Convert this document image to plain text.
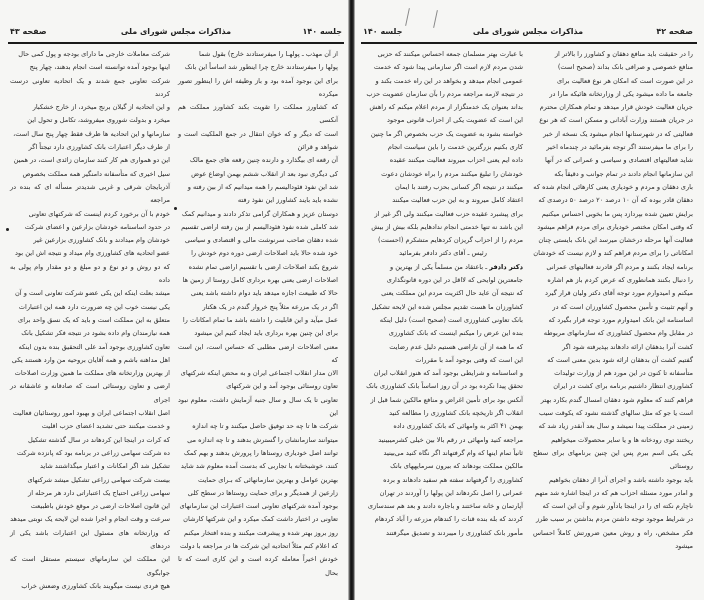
جلسه ۱۴۰
مذاکرات مجلس شورای ملی
صفحه ۴۳

از آن مهذب ـ پولهـا را میفرستادند خارج) بقول شما

پولها را میفرستادند خارج چرا اینطور شد اساساً این بانک

برای این بوجود آمده بود و باز وظیفه اش را اینطور تصور میکرده

که کشاورز مملکت را تقویت بکند کشاورز مملکت هم آنکسی

است که دیگر و که خوان انتقال در جمع الملکیت است و شواهد و قرائن

آن رقعه ای بیگذارد و دارنده چنین رقعه های جمع مالک

کی دیگری نبود بعد از انقلاب ششم بهمن اوضاع عوض

شد این نفوذ فئودالیسم را همه میدانیم که از بین رفته و

نشده باید بایند کشاورز این نفوذ رفته

دوستان عزیز و همکاران گرامی تذکر دادند و میدانیم کمک

شد کاملی شده نفوذ فئودالیسم از بین رفته اراضی تقسیم

شده دهقان صاحب سرنوشت مالی و اقتصادی و سیاسی

خود شده حالا باید اصلاحات ارضی دوره دوم خودش را

شروع بکند اصلاحات ارضی با تقسیم اراضی تمام نشده

اصلاحات ارضی یعنی بهره برداری کامل روستا از زمین ها

حالا که طبیعت اجازه میدهد باید دوام داشته باشد یعنی

اگر در یک مزرعه مثلاً پنج خروار گندم در یک هکتار

عمل میآید و این قابلیت را داشته باشد ما تمام امکانات را

برای این چنین بهره برداری باید ایجاد کنیم این میشود

معنی اصلاحات ارضی مطلبی که حساس است، این است که

الان مدار انقلاب اجتماعی ایران و به محض اینکه شرکتهای

تعاون روستائی بوجود آمد و این شرکتهای

تعاونی تا یک سال و سال جنبه آزمایش داشت، معلوم نبود این

شرکت ها تا چه حد توفیق حاصل میکنند و تا چه اندازه

میتوانند سازمانشان را گسترش بدهند و تا چه اندازه می

توانند اصل خودیاری روستاها را پرورش بدهند و بهم کمک

کنند، خوشبختانه با تجاربی که بدست آمده معلوم شد شاید

بهترین عوامل و بهترین سازمانهائی که بـرای حمایت

زارعین از همدیگر و برای حمایت روستاها در سطح کلی

بوجود آمده شرکتهای تعاونی است اعتبارات این سازمانهای

تعاونی در اختیار داشت کمک میکرد و این شرکتها کارشان

روز بروز بهتر شده و پیشرفت میکنند و بنده افتخار میکنم

که اعلام کنم مثلاً اتحادیه این شرکت ها در مراجعه با دولت

خودش اخیراً معامله کرده است و این کاری است که تا بحال

شرکت معاملات خارجی ما دارای بودجه و پول کمی حال

اینها بوجود آمده توانسته است انجام بدهند، چهار پنج

شرکت تعاونی جمع شدند و یک اتحادیه تعاونی درست کردند

و این اتحادیه از گیلان برنج میخرد، از خارج خشکبار

میخرد و بدولت شوروی میفروشد، تکامل و تحول این

سازمانها و این اتحادیه ها ظرف فقط چهار پنج سال است،

از طرف دیگر اعتبارات بانک کشاورزی دارد تیجتاً اگر

این دو همواری هم کار کنند سازمان زائدی است، در همین

سیل اخیری که متأسفانه دامنگیر همه مملکت بخصوص

آذربایجان شرقی و غربی شدیدتر مسأله ای که بنده در مراجعه

خودم با آن برخورد کردم اینست که شرکتهای تعاونی

در حدود اساسنامه خودشان بزارعین و اعضای شرکت

خودشان وام میدادند و بانک کشاورزی بزارعین غیر

عضو اتحادیه های کشاورزی وام میداد و نتیجه اش این بود

که دو روش و دو نوع و دو مبلغ و دو مقدار وام پولی به داده

میشد بعلت اینکه این یکی عضو شرکت تعاونی است و آن

یکی نیست خوب این چه ضرورت دارد همه این اعتبارات

متعلق به این مملکت است و باید که یک نسق واحد برای

همه نیازمندان وام داده بشود در نتیجه فکر تشکیل بانک

تعاون کشاورزی بوجود آمد علی التحقیق بنده بدون اینکه

اهل مداهنه باشم و همه آقایان بروحیه من وارد هستند یکی

از بهترین وزارتخانه های مملکت ما همین وزارت اصلاحات

ارضی و تعاون روستائی است که صادقانه و عاشقانه در اجرای

اصل انقلاب اجتماعی ایران و بهبود امور روستائیان فعالیت

و خدمت میکنند حتی تشدید اعضای حزب اقلیت

که کرات در اینجا این کردهاند در سال گذشته تشکیل

ده شرکت سهامی زراعی در برنامه بود که پانزده شرکت

تشکیل شد اگر امکانات و اعتبار میگذاشتند شاید

بیست شرکت سهامی زراعی تشکیل میشد شرکتهای

سهامی زراعی احتیاج یک اعتباراتی دارد هر مرحله از

این قانون اصلاحات ارضی در موقع خودش باطبیعت

سرعت و وقت انجام و اجرا شده این لایحه یک نوبتی میدهد

که وزارتخانه های مسئول این اعتبارات باشد یکی از دردهای

این مملکت این سازمانهای سیستم مستقل است که جوابگوی

هیچ فردی نیست میگویند بانک کشاورزی وضعش خراب

صفحه ۴۲
مذاکرات مجلس شورای ملی
جلسه ۱۴۰

را در حقیقت باید منافع دهقان و کشاورز را بالاتر از

منافع خصوصی و صرافی بانک بداند (صحیح است)

در این صورت است که امکان هر نوع فعالیت برای

جامعه ما داده میشود یکی از وزارتخانه هائیکه مارا در

جریان فعالیت خودش قرار میدهد و تمام همکاران محترم

در جریان هستند وزارت آبادانی و مسکن است که هر نوع

فعالیتی که در شهرستانها انجام میشود یک نسخه از خبر

را برای ما میفرستند اگر توجه بفرمائید در چندماه اخیر

شاید فعالیتهای اقتصادی و سیاسی و عمرانی که در آنها

این سازمانها انجام دادند در تمام جوانب و دقیقاً بکه

باری دهقان و مردم و خودیاری یعنی کارهائی انجام شده که

دهقان قادر بوده که آن ۱۰ درصد ۲۰ درصد ۵۰ درصدی که

برایش تعیین شده بپردازد پس ما بخوبی احساس میکنیم

که وقتی امکان مختصر خودیاری برای مردم فراهم میشود

فعالیت آنها مرحله درخشان میرسد این بانک بایستی چنان

امکاناتی را برای مردم فراهم کند و لازم نیست که خودشان

برنامه ایجاد بکنند و مردم اگر قادرند فعالیتهای عمرانی

را دنبال بکنند همانطوری که عرض کردم باز هم اشاره

میکنم و امیدوارم مورد توجه آقای دکتر ولیان قرار گیرد

و آنهم تثبیت و تأمین محصول کشاورزان است که در

اساسنامه این بانک امیدوارم مورد توجه قرار بگیرد که

در مقابل وام محصول کشاورزی که سازمانهای مربوطه

کشت آنرا بدهقان ارائه دادهاند بپذیرفته شود اگر

گفتیم کشت آن بدهقان ارائه شود بدین معنی است که

متأسفانه تا کنون در این مورد هم از وزارت تولیدات

کشاورزی انتظار داشتیم برنامه برای کشت در ایران

فراهم کنند که معلوم شود دهقان امسال گندم بکارد بهتر

است یا جو که مثل سالهای گذشته نشود که یکوقت سیب

زمینی در مملکت پیدا نمیشد و سال بعد آنقدر زیاد شد که

ریختند توی رودخانه ها و یا سایر محصولات میخواهیم

یکی یکی اسم ببرم پس این چنین برنامهای برای سطح روستائی

باید بوجود داشته باشد و اجرای آنرا از دهقان بخواهیم

و امادر مورد مسئله احزاب هم که در اینجا اشاره شد متهم

ناچارم نکته ای را در اینجا یادآور شوم و آن این است که

در شرایط موجود توجه داشتن مردم بداشتن بر سبب طرز

فکر مشخص، راه و روش معین ضرورتش کاملاً احساس میشود

با عبارت بهتر مسلمان جمعه احساس میکنند که حزبی

شدن مردم لازم است اگر سازمانی پیدا شود که خدمت

عمومی انجام میدهد و بخواهد در این راه خدمت بکند و

در نتیجه لازمه مراجعه مردم را بآن سازمان عضویت حزب

بداند بعنوان یک خدمتگزار از مردم اعلام میکنم که راهش

این است که عضویت یکی از احزاب قانونی موجود

خواسته بشود به عضویت یک حزب بخصوص اگر ما چنین

کاری بکنیم بزرگترین خدمت را باین سیاست انجام

داده ایم یعنی احزاب میروند فعالیت میکنند عقیده

خودشان را تبلیغ میکنند مردم را براه خودشان دعوت

میکنند در نتیجه اگر کسانی بحزب رفتند با ایمان

اعتقاد کامل میروند و به این حزب فعالیت میکنند

برای پیشبرد عقیده حزب فعالیت میکنند ولی اگر غیر از

این باشد نه تنها خدمتی انجام ندادهایم بلکه بیش از بیش

مردم را از احزاب گریزان کردهایم متشکرم (احسنت)

رئیس ـ آقای دکتر دادفر بفرمائید

دکتر دادفر ـ باعتقاد من مسلماً یکی از بهترین و

جامعترین لوایحی که لااقل در این دوره قانونگذاری

که نتیجه آن عاید حال اکثریت مردم این مملکت یعنی

کشاورزان ما هست تقدیم مجلس شده این لایحه تشکیل

بانک تعاونی کشاورزی است (صحیح است) دلیل اینکه

بنده این عرض را میکنم اینست که بانک کشاورزی

که ما همه از آن ناراضی هستیم دلیل عدم رضایت

این است که وقتی بوجود آمد با مقررات

و اساسنامه و شرایطی بوجود آمد که هنوز انقلاب ایران

تحقق پیدا نکرده بود در آن روز اساساً بانک کشاورزی بانک

آنکس بود برای تأمین اغراض و منافع مالکین شما قبل از

انقلاب اگر تاریخچه بانک کشاورزی را مطالعه کنید

بهمن ۴۱ اکثر به وامهائی که بانک کشاورزی داده

مراجعه کنید وامهائی در رقم بالا بین خیلی کشرمیبینید

ثانیاً تمام اینها که وام گرفتهاند اگر نگاه کنید می‌بینید

مالکین مملکت بودهاند که بیرون سرمایههای بانک

کشاورزی را گرفتهاند سفته هم سفید دادهاند و برده

عمرانی را اصل نکردهاند این پولها را آوردند در تهران

آپارتمان و خانه ساختند و باجاره دادند و بعد هم سندسازی

کردند که بله بنده قنات را کندهام مزرعه را آباد کردهام

مأمور بانک کشاورزی را میبردند و تصدیق میگرفتند
